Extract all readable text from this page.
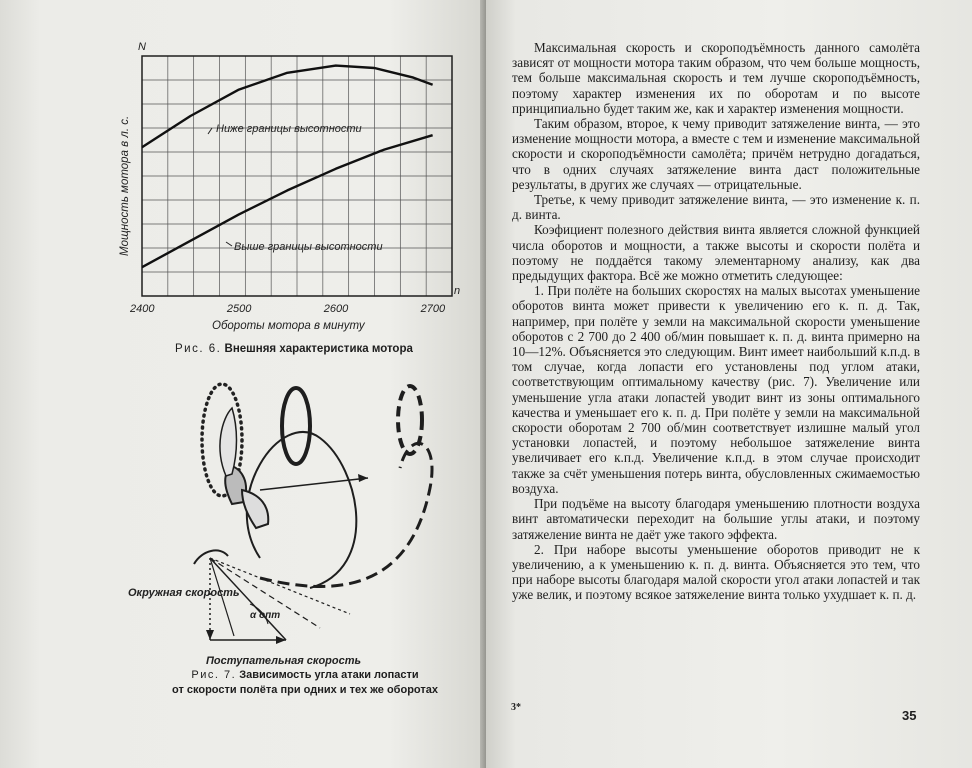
2400	2500	2600	2700
N
n
Мощность мотора в л. с.
Обороты мотора в минуту
Ниже границы высотности
Выше границы высотности
Рис. 6. Внешняя характеристика мотора
Окружная скорость
Поступательная скорость
α опт
Рис. 7. Зависимость угла атаки лопасти
от скорости полёта при одних и тех же оборотах

Максимальная скорость и скороподъёмность данного самолёта зависят от мощности мотора таким образом, что чем больше мощность, тем больше максимальная скорость и тем лучше скороподъёмность, поэтому характер изменения их по оборотам и по высоте принципиально будет таким же, как и характер изменения мощности.

Таким образом, второе, к чему приводит затяжеление винта, — это изменение мощности мотора, а вместе с тем и изменение максимальной скорости и скороподъёмности самолёта; причём нетрудно догадаться, что в одних случаях затяжеление винта даст положительные результаты, в других же случаях — отрицательные.

Третье, к чему приводит затяжеление винта, — это изменение к. п. д. винта.

Коэфициент полезного действия винта является сложной функцией числа оборотов и мощности, а также высоты и скорости полёта и поэтому не поддаётся такому элементарному анализу, как два предыдущих фактора. Всё же можно отметить следующее:

1. При полёте на больших скоростях на малых высотах уменьшение оборотов винта может привести к увеличению его к. п. д. Так, например, при полёте у земли на максимальной скорости уменьшение оборотов с 2 700 до 2 400 об/мин повышает к. п. д. винта примерно на 10—12%. Объясняется это следующим. Винт имеет наибольший к.п.д. в том случае, когда лопасти его установлены под углом атаки, соответствующим оптимальному качеству (рис. 7). Увеличение или уменьшение угла атаки лопастей уводит винт из зоны оптимального качества и уменьшает его к. п. д. При полёте у земли на максимальной скорости оборотам 2 700 об/мин соответствует излишне малый угол установки лопастей, и поэтому небольшое затяжеление винта увеличивает его к.п.д. Увеличение к.п.д. в этом случае происходит также за счёт уменьшения потерь винта, обусловленных сжимаемостью воздуха.

При подъёме на высоту благодаря уменьшению плотности воздуха винт автоматически переходит на большие углы атаки, и поэтому затяжеление винта не даёт уже такого эффекта.

2. При наборе высоты уменьшение оборотов приводит не к увеличению, а к уменьшению к. п. д. винта. Объясняется это тем, что при наборе высоты благодаря малой скорости угол атаки лопастей и так уже велик, и поэтому всякое затяжеление винта только ухудшает к. п. д.

3*
35
